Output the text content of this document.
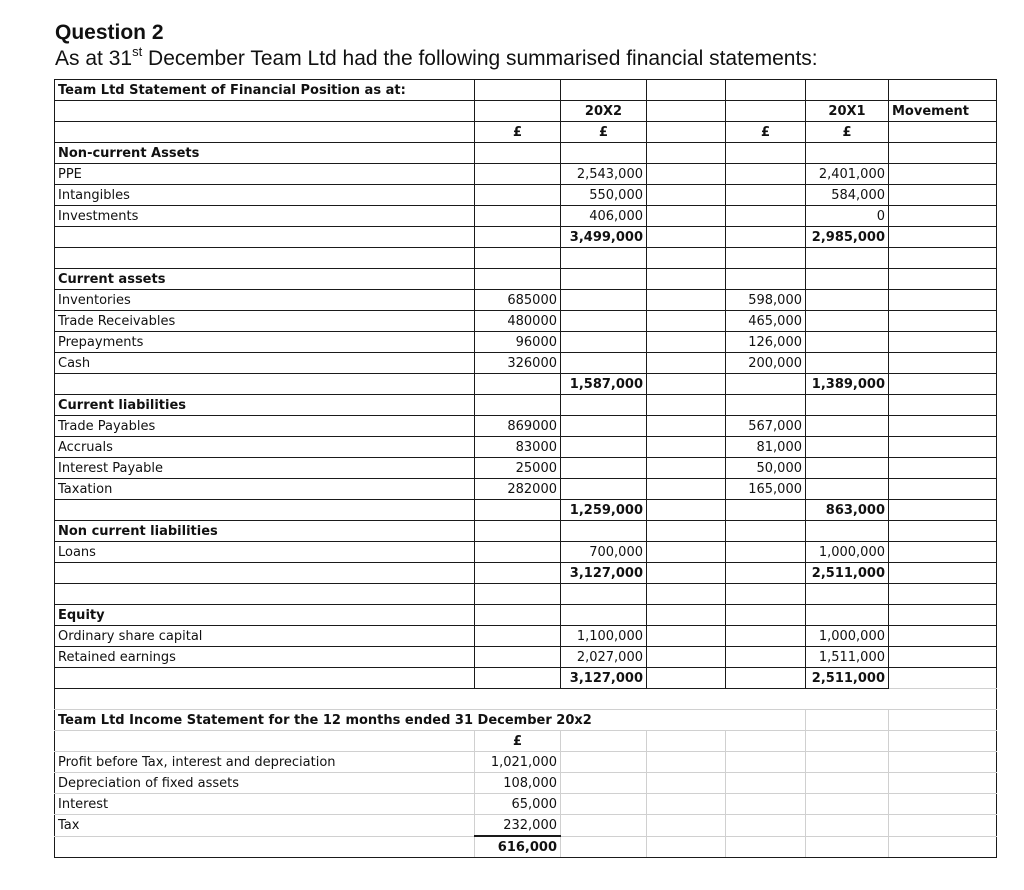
Question 2
As at 31st December Team Ltd had the following summarised financial statements:
Team Ltd Statement of Financial Position as at:						
		20X2			20X1	Movement
	£	£		£	£	
Non-current Assets						
PPE		2,543,000			2,401,000	
Intangibles		550,000			584,000	
Investments		406,000			0	
		3,499,000			2,985,000	

Current assets						
Inventories	685000			598,000		
Trade Receivables	480000			465,000		
Prepayments	96000			126,000		
Cash	326000			200,000		
		1,587,000			1,389,000	
Current liabilities						
Trade Payables	869000			567,000		
Accruals	83000			81,000		
Interest Payable	25000			50,000		
Taxation	282000			165,000		
		1,259,000			863,000	
Non current liabilities						
Loans		700,000			1,000,000	
		3,127,000			2,511,000	

Equity						
Ordinary share capital		1,100,000			1,000,000	
Retained earnings		2,027,000			1,511,000	
		3,127,000			2,511,000	

Team Ltd Income Statement for the 12 months ended 31 December 20x2						
	£					
Profit before Tax, interest and depreciation	1,021,000					
Depreciation of fixed assets	108,000					
Interest	65,000					
Tax	232,000					
	616,000					
